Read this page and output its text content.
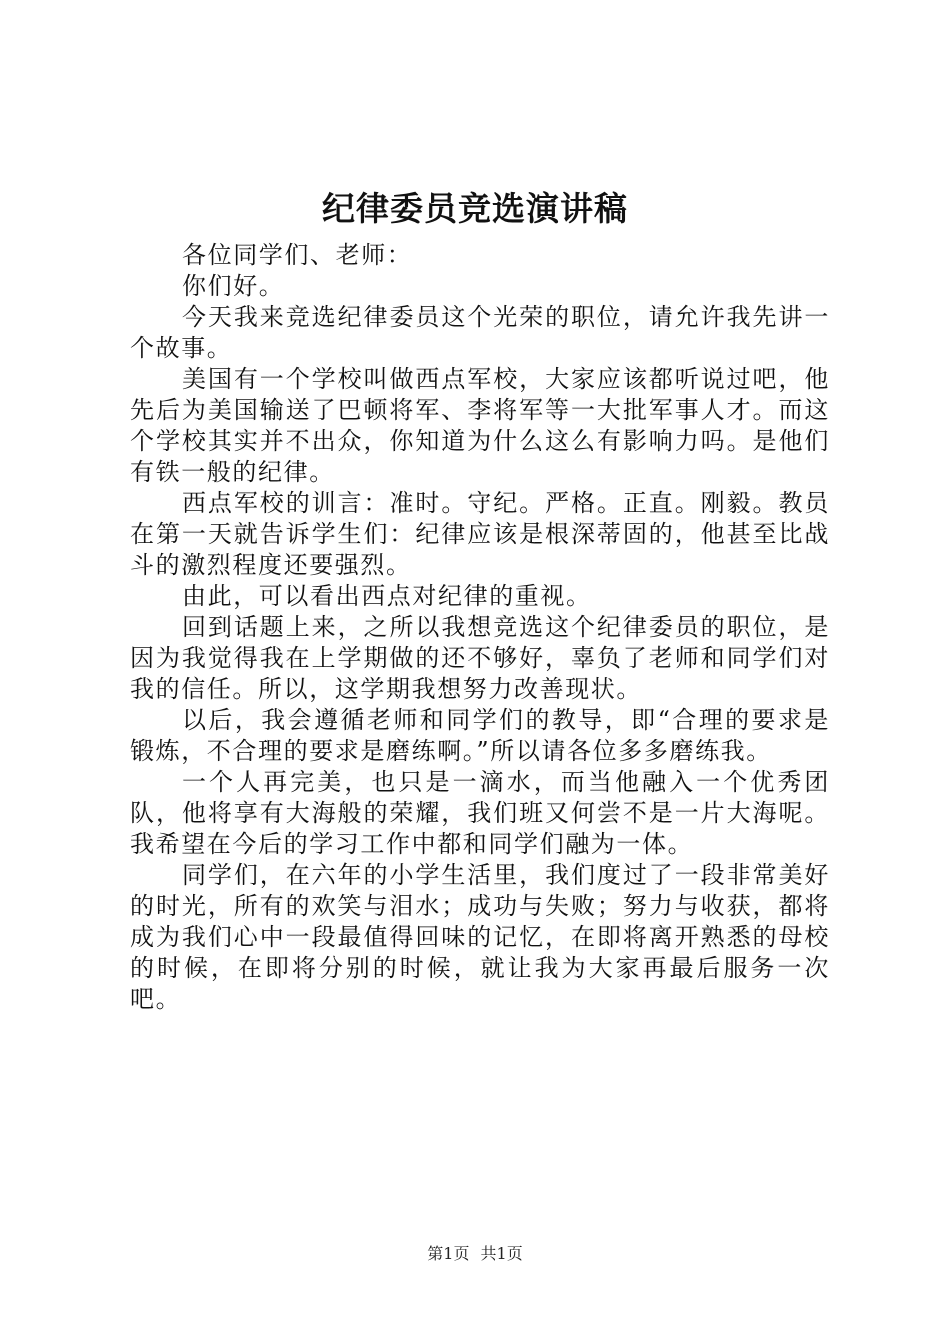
纪律委员竞选演讲稿

各位同学们、老师：

你们好。

今天我来竞选纪律委员这个光荣的职位，请允许我先讲一个故事。

美国有一个学校叫做西点军校，大家应该都听说过吧，他先后为美国输送了巴顿将军、李将军等一大批军事人才。而这个学校其实并不出众，你知道为什么这么有影响力吗。是他们有铁一般的纪律。

西点军校的训言：准时。守纪。严格。正直。刚毅。教员在第一天就告诉学生们：纪律应该是根深蒂固的，他甚至比战斗的激烈程度还要强烈。

由此，可以看出西点对纪律的重视。

回到话题上来，之所以我想竞选这个纪律委员的职位，是因为我觉得我在上学期做的还不够好，辜负了老师和同学们对我的信任。所以，这学期我想努力改善现状。

以后，我会遵循老师和同学们的教导，即“合理的要求是锻炼，不合理的要求是磨练啊。”所以请各位多多磨练我。

一个人再完美，也只是一滴水，而当他融入一个优秀团队，他将享有大海般的荣耀，我们班又何尝不是一片大海呢。我希望在今后的学习工作中都和同学们融为一体。

同学们，在六年的小学生活里，我们度过了一段非常美好的时光，所有的欢笑与泪水；成功与失败；努力与收获，都将成为我们心中一段最值得回味的记忆，在即将离开熟悉的母校的时候，在即将分别的时候，就让我为大家再最后服务一次吧。

第1页 共1页
